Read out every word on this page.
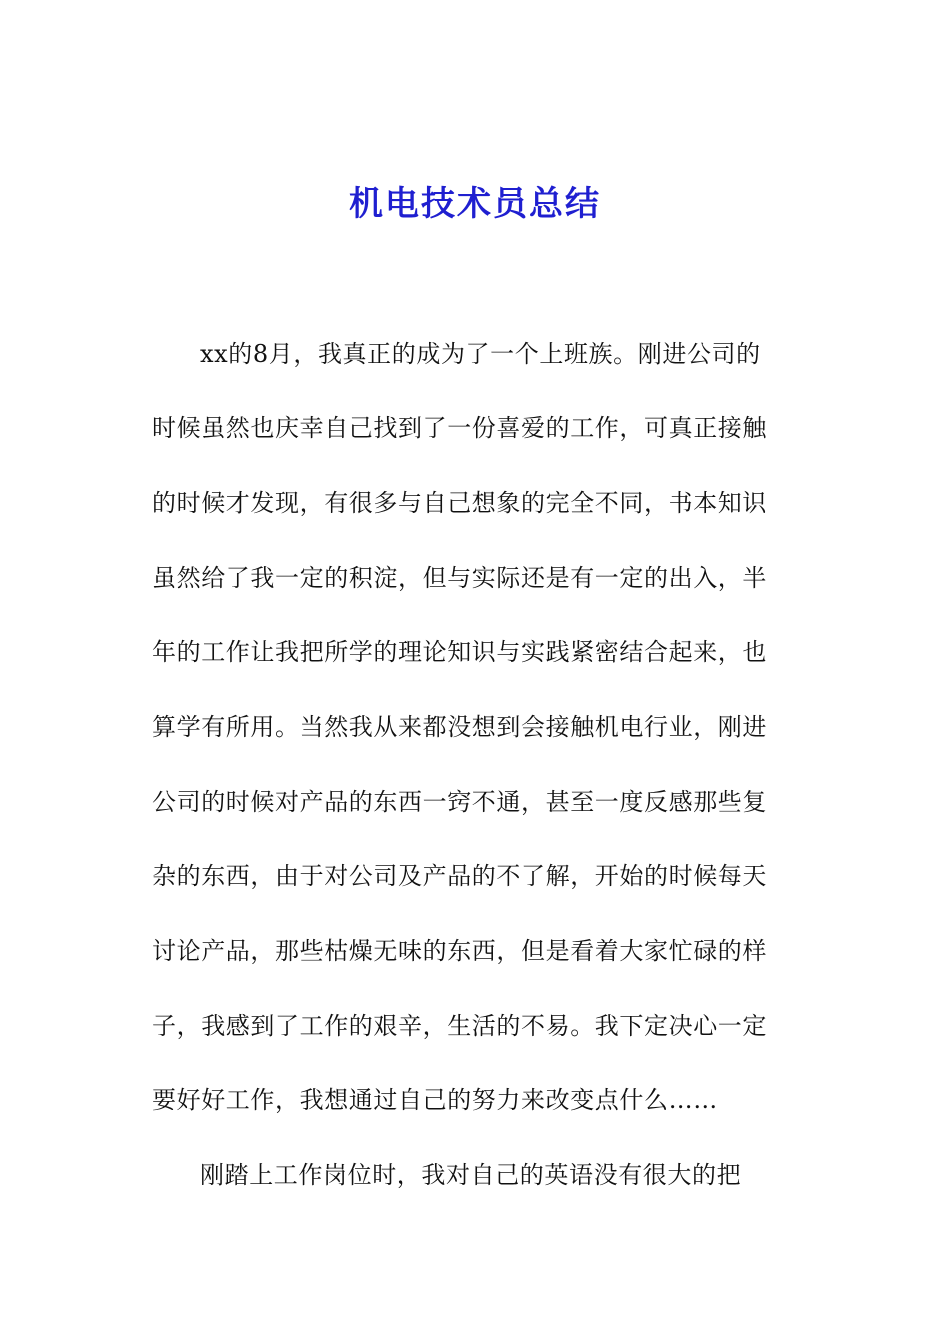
机电技术员总结
xx的8月，我真正的成为了一个上班族。刚进公司的
时候虽然也庆幸自己找到了一份喜爱的工作，可真正接触
的时候才发现，有很多与自己想象的完全不同，书本知识
虽然给了我一定的积淀，但与实际还是有一定的出入，半
年的工作让我把所学的理论知识与实践紧密结合起来，也
算学有所用。当然我从来都没想到会接触机电行业，刚进
公司的时候对产品的东西一窍不通，甚至一度反感那些复
杂的东西，由于对公司及产品的不了解，开始的时候每天
讨论产品，那些枯燥无味的东西，但是看着大家忙碌的样
子，我感到了工作的艰辛，生活的不易。我下定决心一定
要好好工作，我想通过自己的努力来改变点什么……
刚踏上工作岗位时，我对自己的英语没有很大的把
